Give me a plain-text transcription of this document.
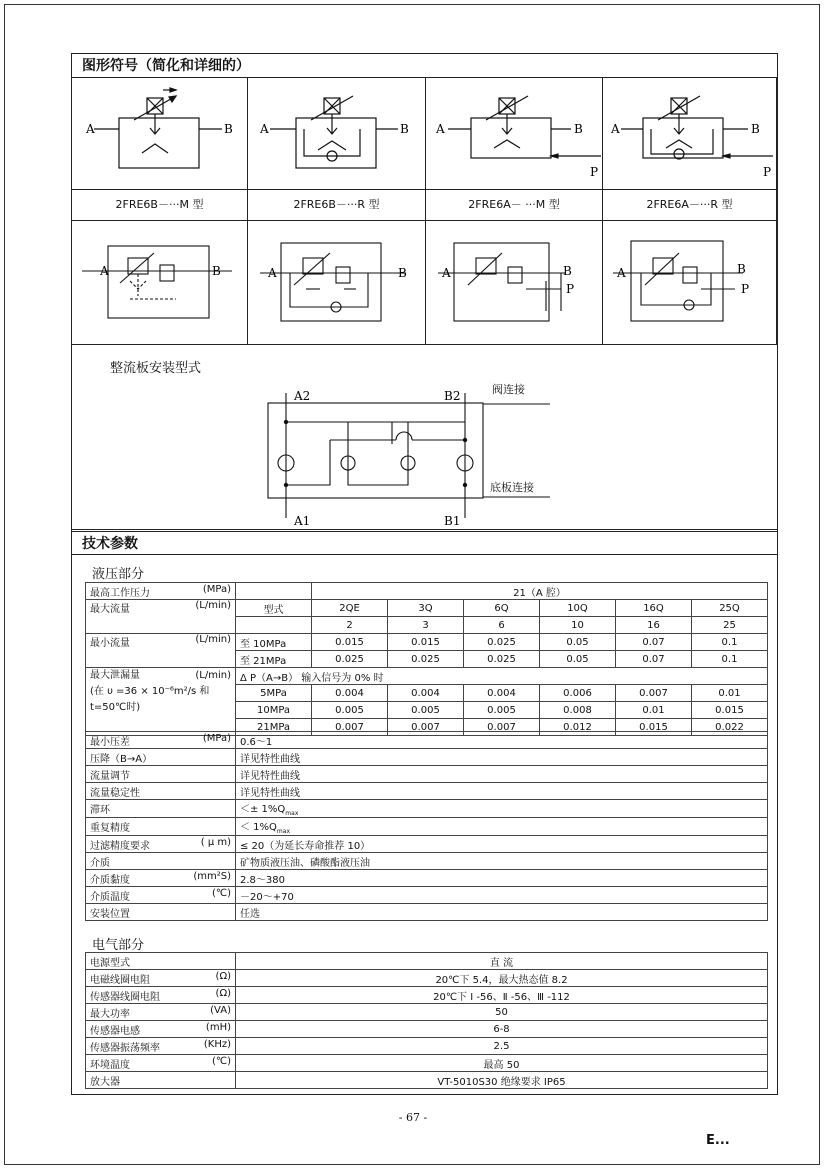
图形符号（简化和详细的）
A	B A	B A	B
P
A	B
P
2FRE6B－···M 型	2FRE6B－···R 型	2FRE6A－ ···M 型	2FRE6A－···R 型
A	B	A	B	A	B
P
A	B
P
整流板安装型式
A2	B2
A1	B1
阀连接
底板连接
技术参数
液压部分
最高工作压力 (MPa)		21（A 腔）					
最大流量 (L/min)	型式	2QE	3Q	6Q	10Q	16Q	25Q
		2	3	6	10	16	25
最小流量 (L/min)	至 10MPa	0.015	0.015	0.025	0.05	0.07	0.1
	至 21MPa	0.025	0.025	0.025	0.05	0.07	0.1

最大泄漏量 (L/min)
(在 υ =36 × 10⁻⁶m²/s 和
t=50℃时)	Δ P（A→B） 输入信号为 0% 时						
	5MPa	0.004	0.004	0.004	0.006	0.007	0.01
	10MPa	0.005	0.005	0.005	0.008	0.01	0.015
	21MPa	0.007	0.007	0.007	0.012	0.015	0.022
最小压差 (MPa)	0.6～1
压降（B→A）	详见特性曲线
流量调节	详见特性曲线
流量稳定性	详见特性曲线
滞环	＜± $1\%Q_{max}$
重复精度	＜ $1\%Q_{max}$
过滤精度要求 ( μ m)	≤ 20（为延长寿命推荐 10）
介质	矿物质液压油、磷酸酯液压油
介质黏度 (mm²S)	2.8～380
介质温度 (℃)	－20～+70
安装位置	任选
电气部分
电源型式	直 流
电磁线圈电阻 (Ω)	20℃下 5.4，最大热态值 8.2
传感器线圈电阻 (Ω)	20℃下 Ⅰ -56、Ⅱ -56、Ⅲ -112
最大功率 (VA)	50
传感器电感 (mH)	6-8
传感器振荡频率 (KHz)	2.5
环境温度 (℃)	最高 50
放大器	VT-5010S30 绝缘要求 IP65
- 67 -
E...
